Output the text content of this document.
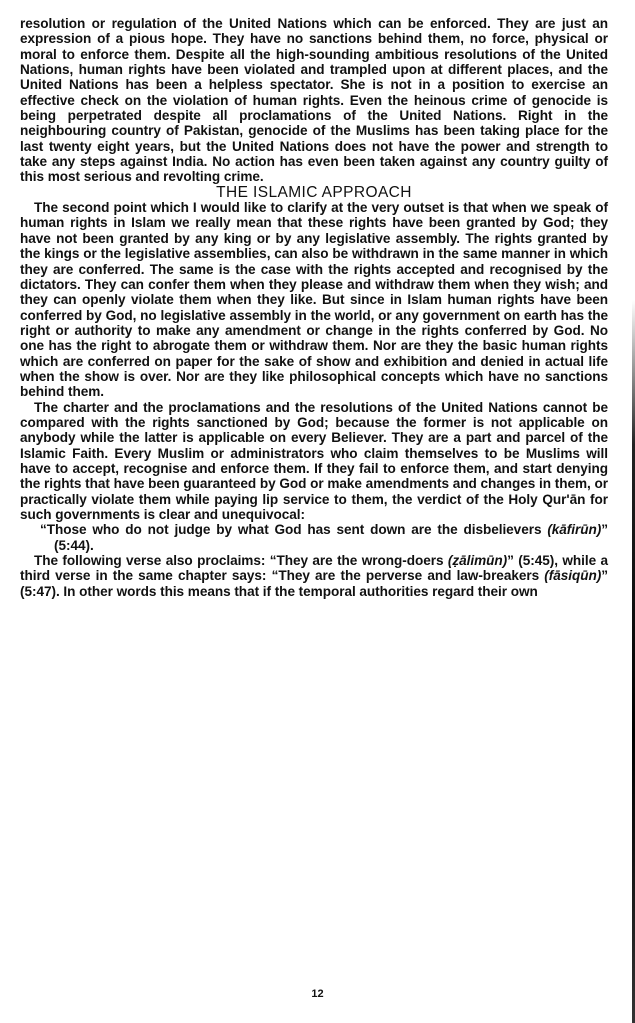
resolution or regulation of the United Nations which can be enforced. They are just an expression of a pious hope. They have no sanctions behind them, no force, physical or moral to enforce them. Despite all the high-sounding ambitious resolutions of the United Nations, human rights have been violated and trampled upon at different places, and the United Nations has been a helpless spectator. She is not in a position to exercise an effective check on the violation of human rights. Even the heinous crime of genocide is being perpetrated despite all proclamations of the United Nations. Right in the neighbouring country of Pakistan, genocide of the Muslims has been taking place for the last twenty eight years, but the United Nations does not have the power and strength to take any steps against India. No action has even been taken against any country guilty of this most serious and revolting crime.

THE ISLAMIC APPROACH

The second point which I would like to clarify at the very outset is that when we speak of human rights in Islam we really mean that these rights have been granted by God; they have not been granted by any king or by any legislative assembly. The rights granted by the kings or the legislative assemblies, can also be withdrawn in the same manner in which they are conferred. The same is the case with the rights accepted and recognised by the dictators. They can confer them when they please and withdraw them when they wish; and they can openly violate them when they like. But since in Islam human rights have been conferred by God, no legislative assembly in the world, or any government on earth has the right or authority to make any amendment or change in the rights conferred by God. No one has the right to abrogate them or withdraw them. Nor are they the basic human rights which are conferred on paper for the sake of show and exhibition and denied in actual life when the show is over. Nor are they like philosophical concepts which have no sanctions behind them.

The charter and the proclamations and the resolutions of the United Nations cannot be compared with the rights sanctioned by God; because the former is not applicable on anybody while the latter is applicable on every Believer. They are a part and parcel of the Islamic Faith. Every Muslim or administrators who claim themselves to be Muslims will have to accept, recognise and enforce them. If they fail to enforce them, and start denying the rights that have been guaranteed by God or make amendments and changes in them, or practically violate them while paying lip service to them, the verdict of the Holy Qur'ān for such governments is clear and unequivocal:

“Those who do not judge by what God has sent down are the disbelievers (kāfirūn)” (5:44).

The following verse also proclaims: “They are the wrong-doers (ẓālimūn)” (5:45), while a third verse in the same chapter says: “They are the perverse and law-breakers (fāsiqūn)” (5:47). In other words this means that if the temporal authorities regard their own

12
